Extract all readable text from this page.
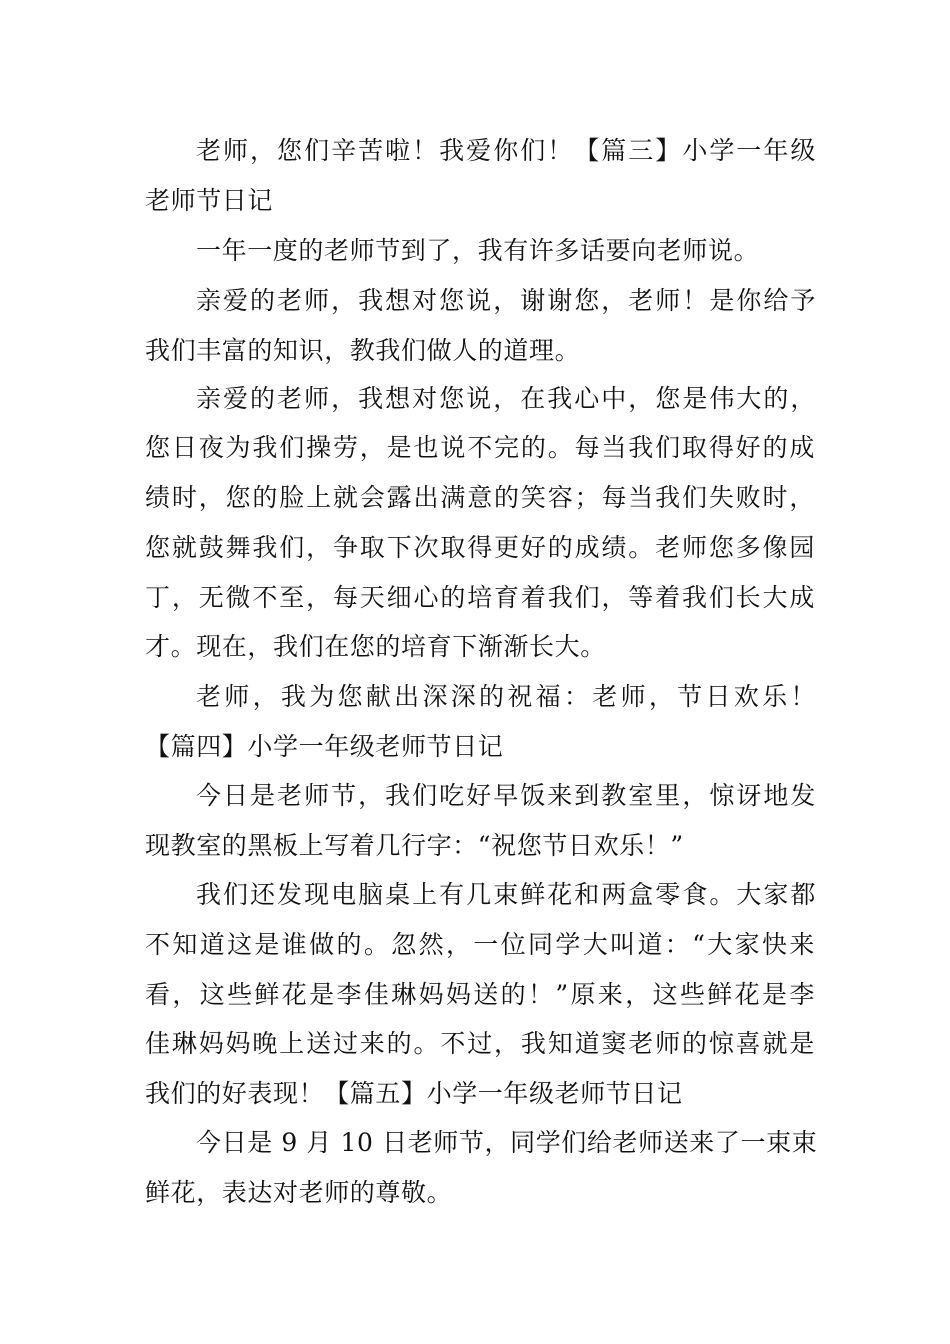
老师，您们辛苦啦！我爱你们！【篇三】小学一年级
老师节日记
一年一度的老师节到了，我有许多话要向老师说。
亲爱的老师，我想对您说，谢谢您，老师！是你给予
我们丰富的知识，教我们做人的道理。
亲爱的老师，我想对您说，在我心中，您是伟大的，
您日夜为我们操劳，是也说不完的。每当我们取得好的成
绩时，您的脸上就会露出满意的笑容；每当我们失败时，
您就鼓舞我们，争取下次取得更好的成绩。老师您多像园
丁，无微不至，每天细心的培育着我们，等着我们长大成
才。现在，我们在您的培育下渐渐长大。
老师，我为您献出深深的祝福：老师，节日欢乐！
【篇四】小学一年级老师节日记
今日是老师节，我们吃好早饭来到教室里，惊讶地发
现教室的黑板上写着几行字：“祝您节日欢乐！”
我们还发现电脑桌上有几束鲜花和两盒零食。大家都
不知道这是谁做的。忽然，一位同学大叫道：“大家快来
看，这些鲜花是李佳琳妈妈送的！”原来，这些鲜花是李
佳琳妈妈晚上送过来的。不过，我知道窦老师的惊喜就是
我们的好表现！【篇五】小学一年级老师节日记
今日是 9 月 10 日老师节，同学们给老师送来了一束束
鲜花，表达对老师的尊敬。
